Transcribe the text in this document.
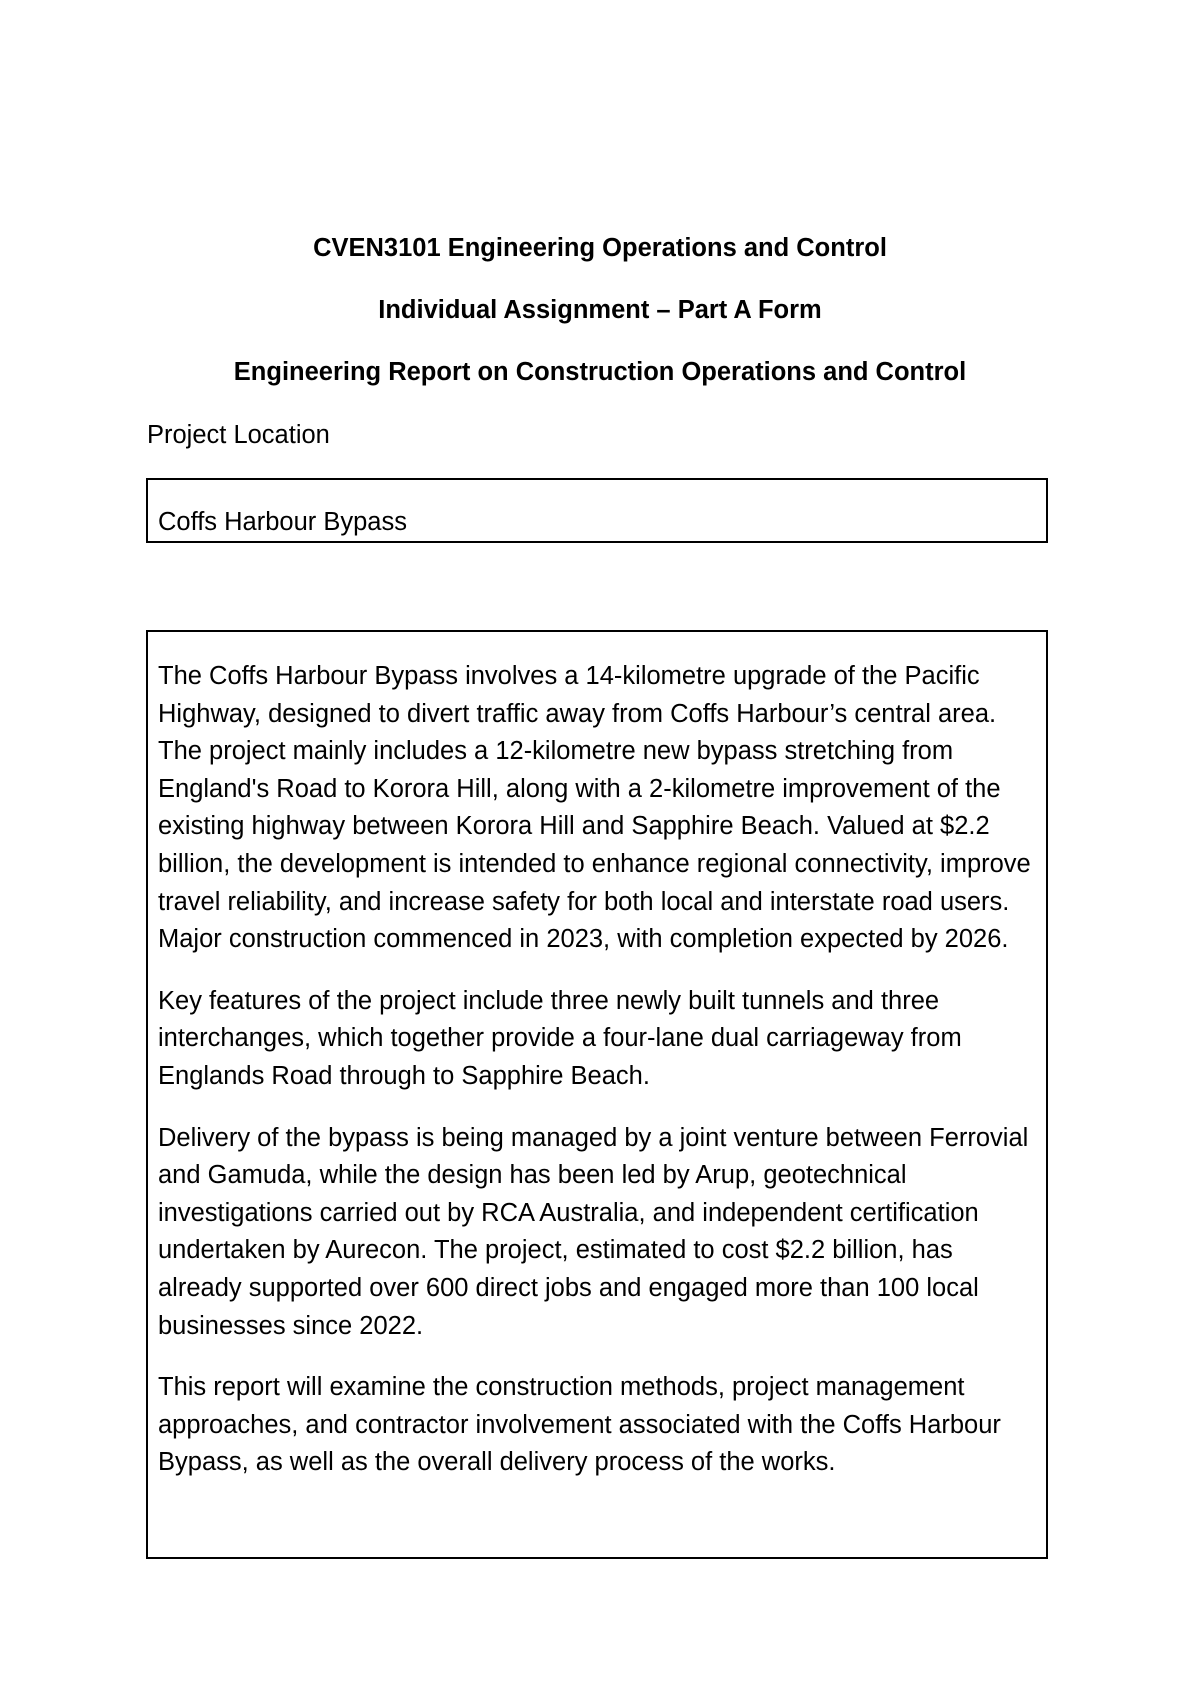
CVEN3101 Engineering Operations and Control
Individual Assignment – Part A Form
Engineering Report on Construction Operations and Control
Project Location
Coffs Harbour Bypass

The Coffs Harbour Bypass involves a 14-kilometre upgrade of the Pacific Highway, designed to divert traffic away from Coffs Harbour’s central area. The project mainly includes a 12-kilometre new bypass stretching from England's Road to Korora Hill, along with a 2-kilometre improvement of the existing highway between Korora Hill and Sapphire Beach. Valued at $2.2 billion, the development is intended to enhance regional connectivity, improve travel reliability, and increase safety for both local and interstate road users. Major construction commenced in 2023, with completion expected by 2026.

Key features of the project include three newly built tunnels and three interchanges, which together provide a four-lane dual carriageway from Englands Road through to Sapphire Beach.

Delivery of the bypass is being managed by a joint venture between Ferrovial and Gamuda, while the design has been led by Arup, geotechnical investigations carried out by RCA Australia, and independent certification undertaken by Aurecon. The project, estimated to cost $2.2 billion, has already supported over 600 direct jobs and engaged more than 100 local businesses since 2022.

This report will examine the construction methods, project management approaches, and contractor involvement associated with the Coffs Harbour Bypass, as well as the overall delivery process of the works.
